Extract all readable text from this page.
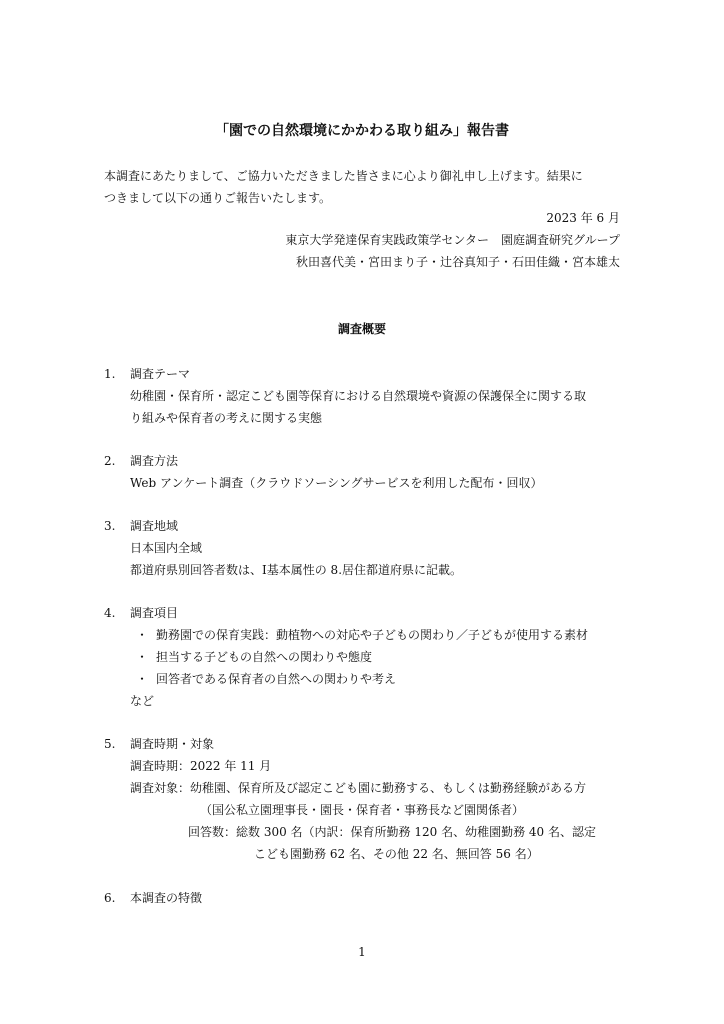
「園での自然環境にかかわる取り組み」報告書

本調査にあたりまして、ご協力いただきました皆さまに心より御礼申し上げます。結果に

つきまして以下の通りご報告いたします。

2023 年 6 月
東京大学発達保育実践政策学センター　園庭調査研究グループ
秋田喜代美・宮田まり子・辻谷真知子・石田佳織・宮本雄太
調査概要
1.	調査テーマ

幼稚園・保育所・認定こども園等保育における自然環境や資源の保護保全に関する取

り組みや保育者の考えに関する実態

2.	調査方法

Web アンケート調査（クラウドソーシングサービスを利用した配布・回収）

3.	調査地域

日本国内全域

都道府県別回答者数は、Ⅰ基本属性の 8.居住都道府県に記載。

4.	調査項目
・ 勤務園での保育実践：動植物への対応や子どもの関わり／子どもが使用する素材
・ 担当する子どもの自然への関わりや態度
・ 回答者である保育者の自然への関わりや考え

など

5.	調査時期・対象

調査時期：2022 年 11 月

調査対象：幼稚園、保育所及び認定こども園に勤務する、もしくは勤務経験がある方

（国公私立園理事長・園長・保育者・事務長など園関係者）

回答数：総数 300 名（内訳：保育所勤務 120 名、幼稚園勤務 40 名、認定

こども園勤務 62 名、その他 22 名、無回答 56 名）

6.	本調査の特徴
1
